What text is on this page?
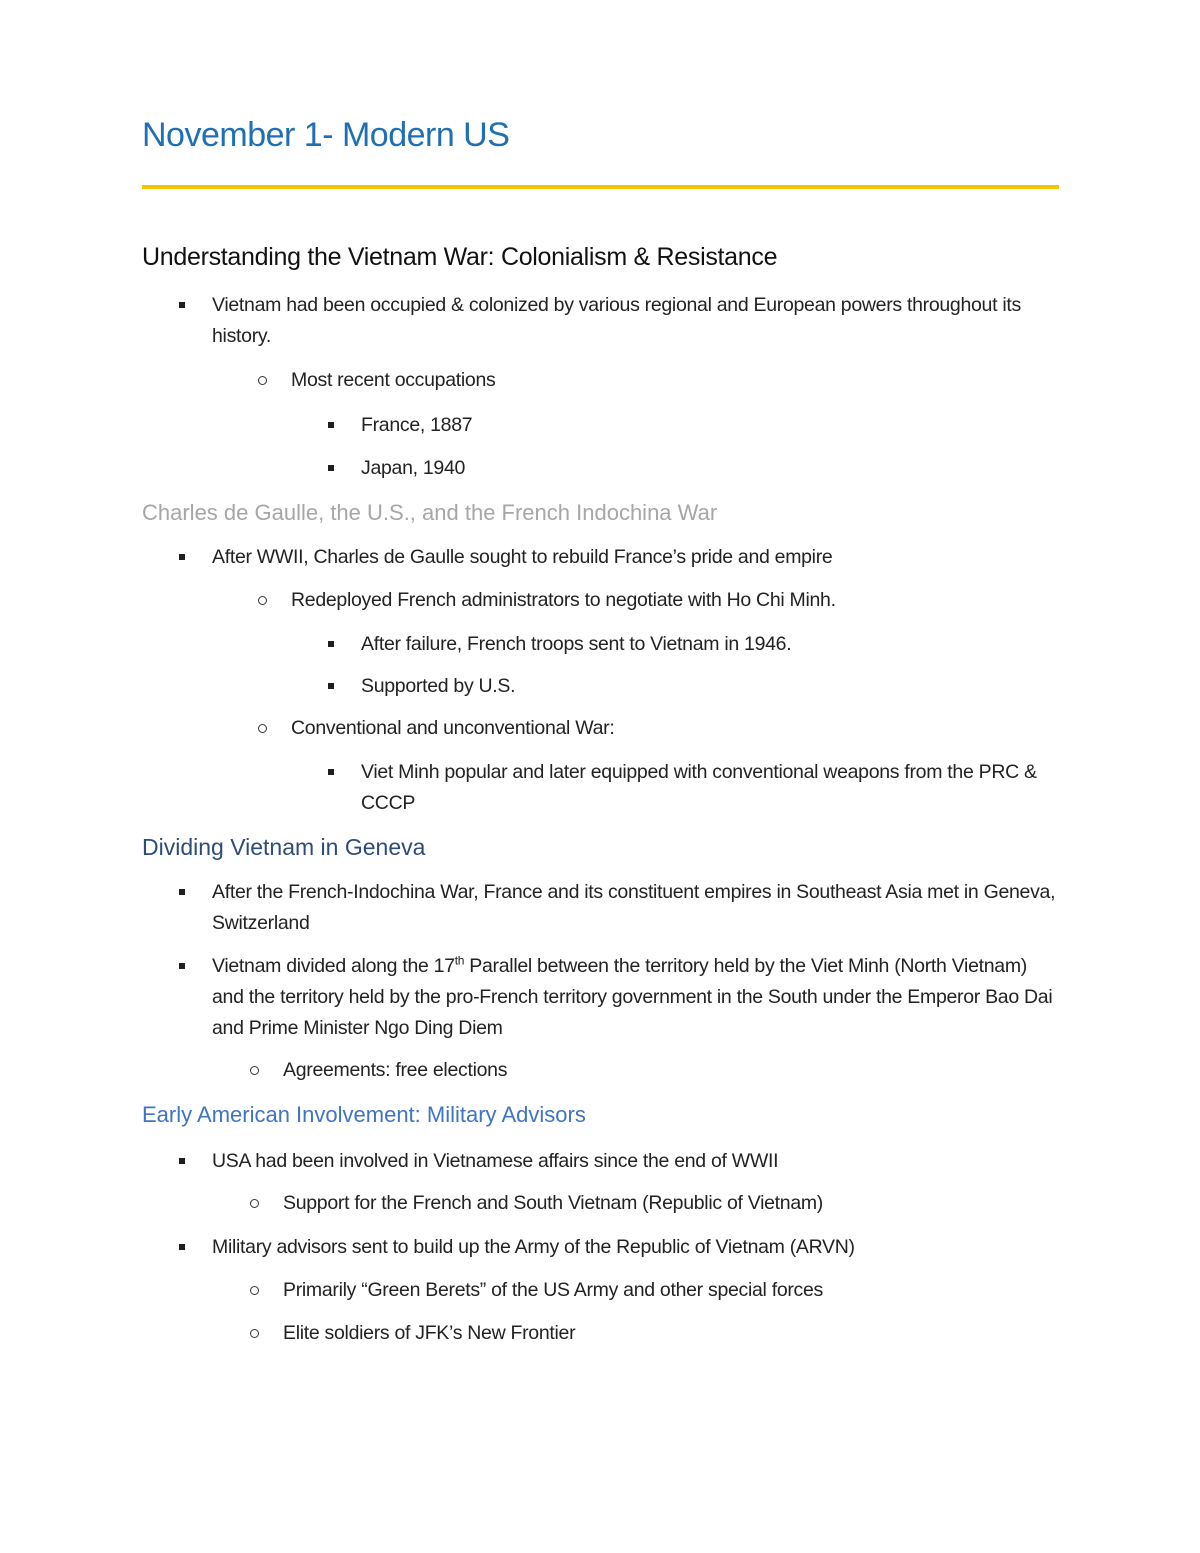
November 1- Modern US
Understanding the Vietnam War: Colonialism & Resistance
Vietnam had been occupied & colonized by various regional and European powers throughout its history.
Most recent occupations
France, 1887
Japan, 1940
Charles de Gaulle, the U.S., and the French Indochina War
After WWII, Charles de Gaulle sought to rebuild France’s pride and empire
Redeployed French administrators to negotiate with Ho Chi Minh.
After failure, French troops sent to Vietnam in 1946.
Supported by U.S.
Conventional and unconventional War:
Viet Minh popular and later equipped with conventional weapons from the PRC & CCCP
Dividing Vietnam in Geneva
After the French-Indochina War, France and its constituent empires in Southeast Asia met in Geneva, Switzerland
Vietnam divided along the 17th Parallel between the territory held by the Viet Minh (North Vietnam) and the territory held by the pro-French territory government in the South under the Emperor Bao Dai and Prime Minister Ngo Ding Diem
Agreements: free elections
Early American Involvement: Military Advisors
USA had been involved in Vietnamese affairs since the end of WWII
Support for the French and South Vietnam (Republic of Vietnam)
Military advisors sent to build up the Army of the Republic of Vietnam (ARVN)
Primarily “Green Berets” of the US Army and other special forces
Elite soldiers of JFK’s New Frontier
